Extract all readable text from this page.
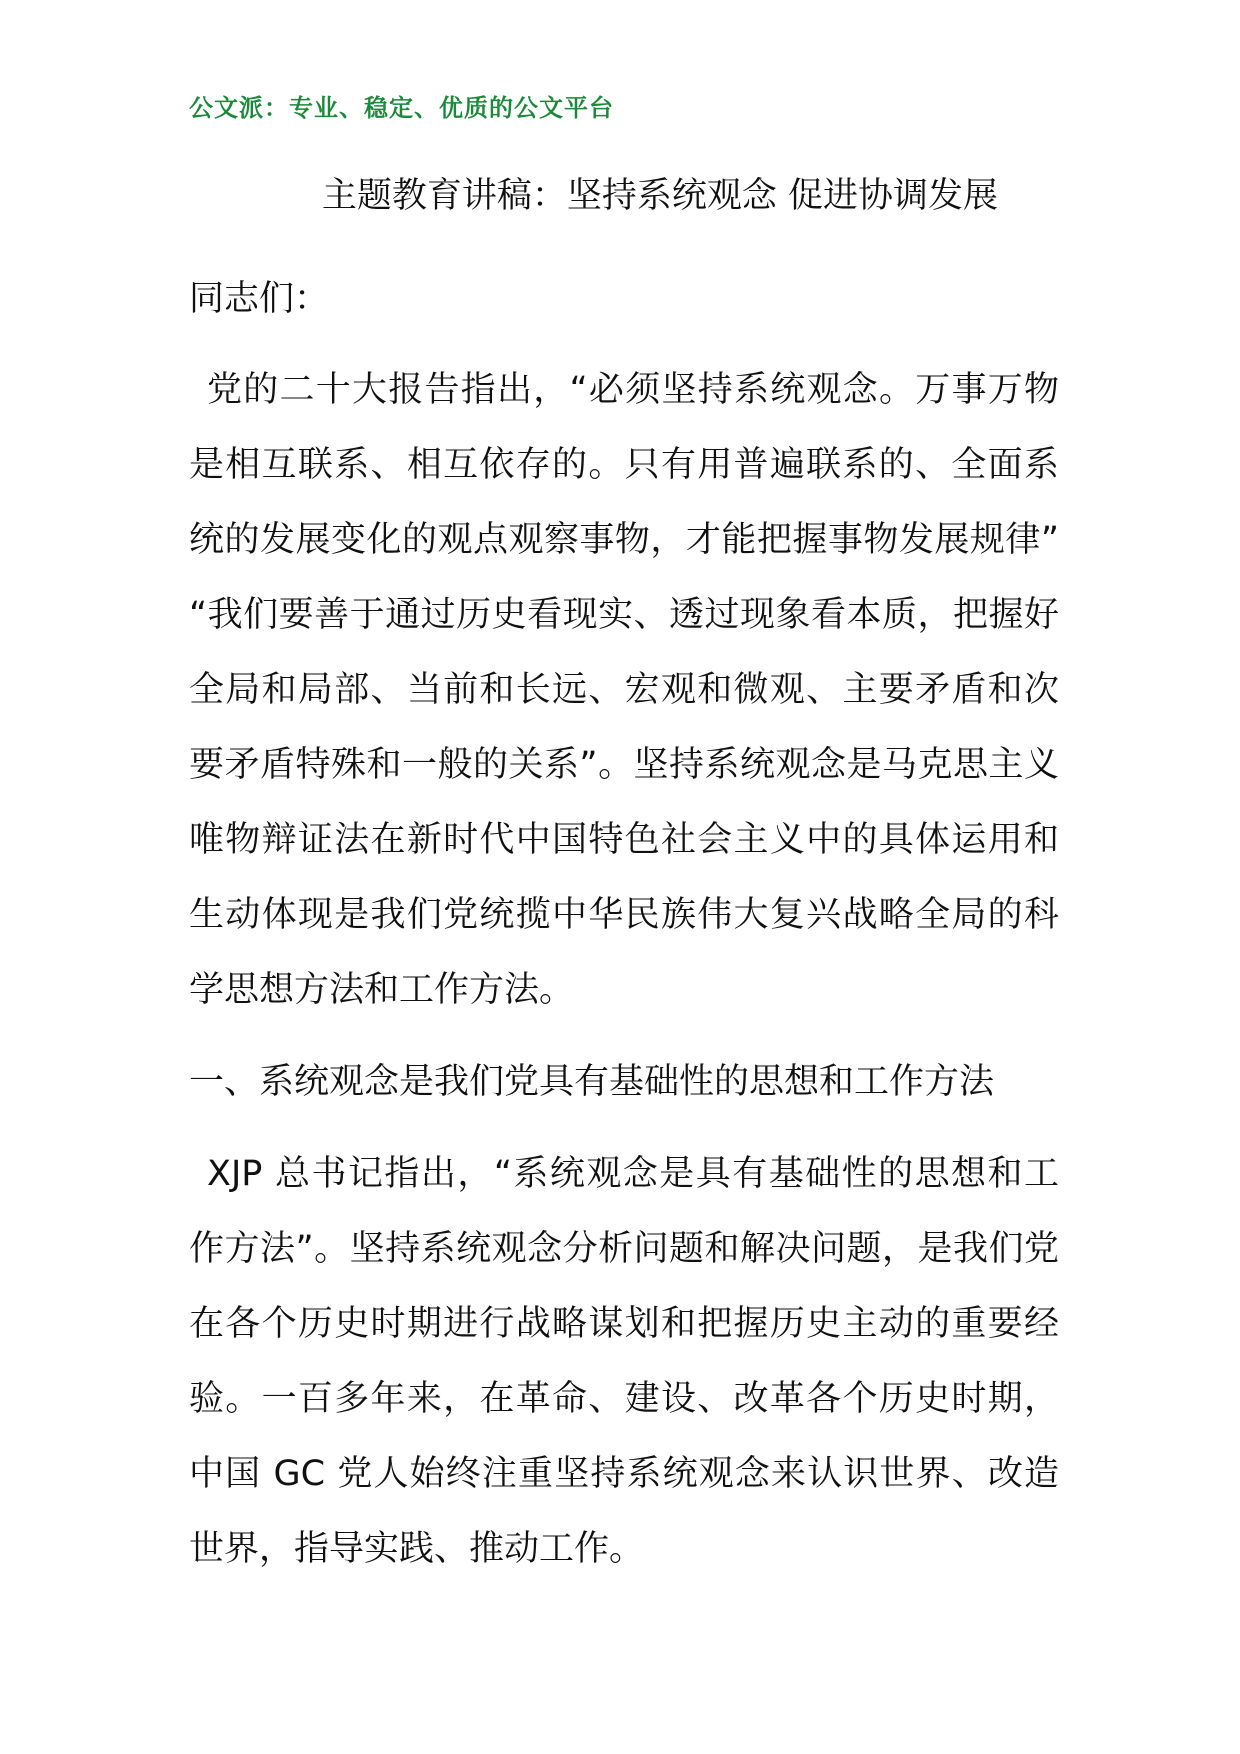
公文派：专业、稳定、优质的公文平台
主题教育讲稿：坚持系统观念 促进协调发展

同志们：

党的二十大报告指出，“必须坚持系统观念。万事万物是相互联系、相互依存的。只有用普遍联系的、全面系统的发展变化的观点观察事物，才能把握事物发展规律” “我们要善于通过历史看现实、透过现象看本质，把握好全局和局部、当前和长远、宏观和微观、主要矛盾和次要矛盾特殊和一般的关系”。坚持系统观念是马克思主义唯物辩证法在新时代中国特色社会主义中的具体运用和生动体现是我们党统揽中华民族伟大复兴战略全局的科学思想方法和工作方法。

一、系统观念是我们党具有基础性的思想和工作方法

XJP 总书记指出，“系统观念是具有基础性的思想和工作方法”。坚持系统观念分析问题和解决问题，是我们党在各个历史时期进行战略谋划和把握历史主动的重要经验。一百多年来，在革命、建设、改革各个历史时期，中国 GC 党人始终注重坚持系统观念来认识世界、改造世界，指导实践、推动工作。
